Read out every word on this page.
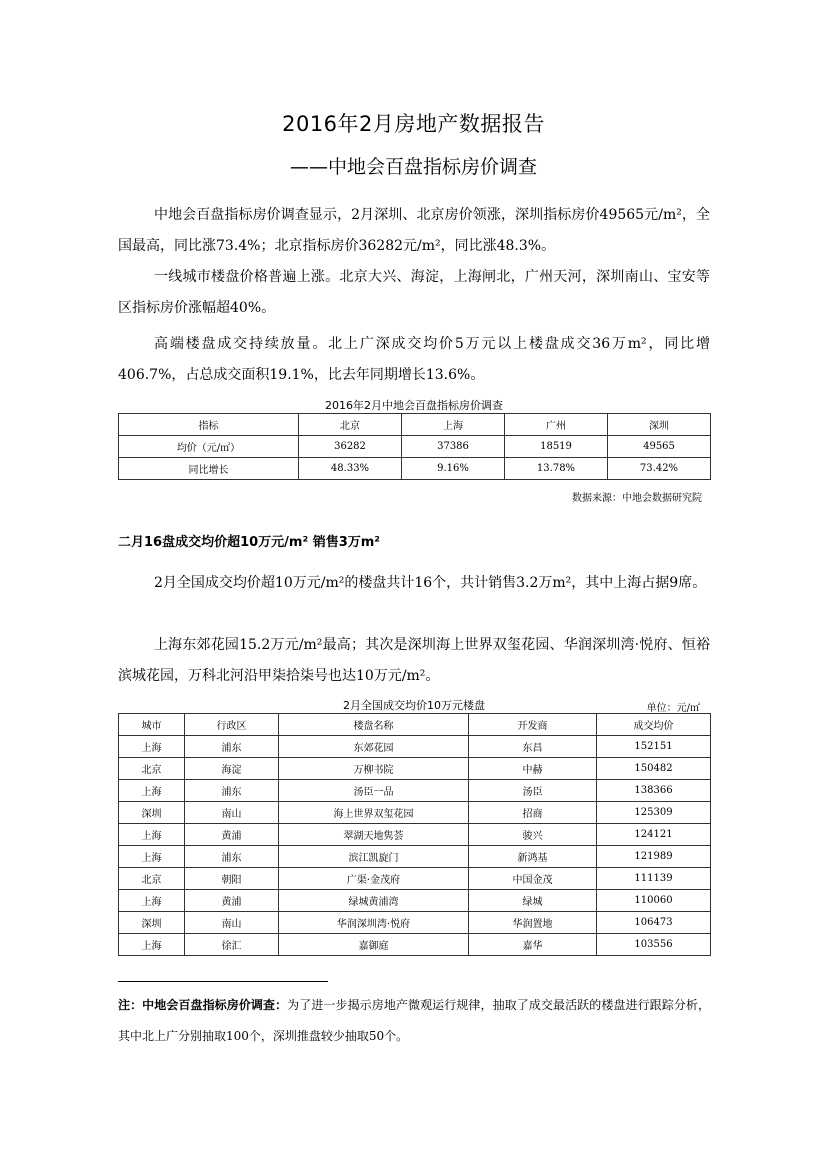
2016年2月房地产数据报告
——中地会百盘指标房价调查

中地会百盘指标房价调查显示，2月深圳、北京房价领涨，深圳指标房价49565元/m²，全国最高，同比涨73.4%；北京指标房价36282元/m²，同比涨48.3%。

一线城市楼盘价格普遍上涨。北京大兴、海淀，上海闸北，广州天河，深圳南山、宝安等区指标房价涨幅超40%。

高端楼盘成交持续放量。北上广深成交均价5万元以上楼盘成交36万m²，同比增406.7%，占总成交面积19.1%，比去年同期增长13.6%。

2016年2月中地会百盘指标房价调查
指标	北京	上海	广州	深圳
均价（元/㎡）	36282	37386	18519	49565
同比增长	48.33%	9.16%	13.78%	73.42%
数据来源：中地会数据研究院
二月16盘成交均价超10万元/m² 销售3万m²

2月全国成交均价超10万元/m²的楼盘共计16个，共计销售3.2万m²，其中上海占据9席。

上海东郊花园15.2万元/m²最高；其次是深圳海上世界双玺花园、华润深圳湾·悦府、恒裕滨城花园，万科北河沿甲柒拾柒号也达10万元/m²。

2月全国成交均价10万元楼盘	单位：元/㎡
城市	行政区	楼盘名称	开发商	成交均价
上海	浦东	东郊花园	东昌	152151
北京	海淀	万柳书院	中赫	150482
上海	浦东	汤臣一品	汤臣	138366
深圳	南山	海上世界双玺花园	招商	125309
上海	黄浦	翠湖天地隽荟	骏兴	124121
上海	浦东	滨江凯旋门	新鸿基	121989
北京	朝阳	广渠·金茂府	中国金茂	111139
上海	黄浦	绿城黄浦湾	绿城	110060
深圳	南山	华润深圳湾·悦府	华润置地	106473
上海	徐汇	嘉御庭	嘉华	103556

注：中地会百盘指标房价调查：为了进一步揭示房地产微观运行规律，抽取了成交最活跃的楼盘进行跟踪分析，其中北上广分别抽取100个，深圳推盘较少抽取50个。
